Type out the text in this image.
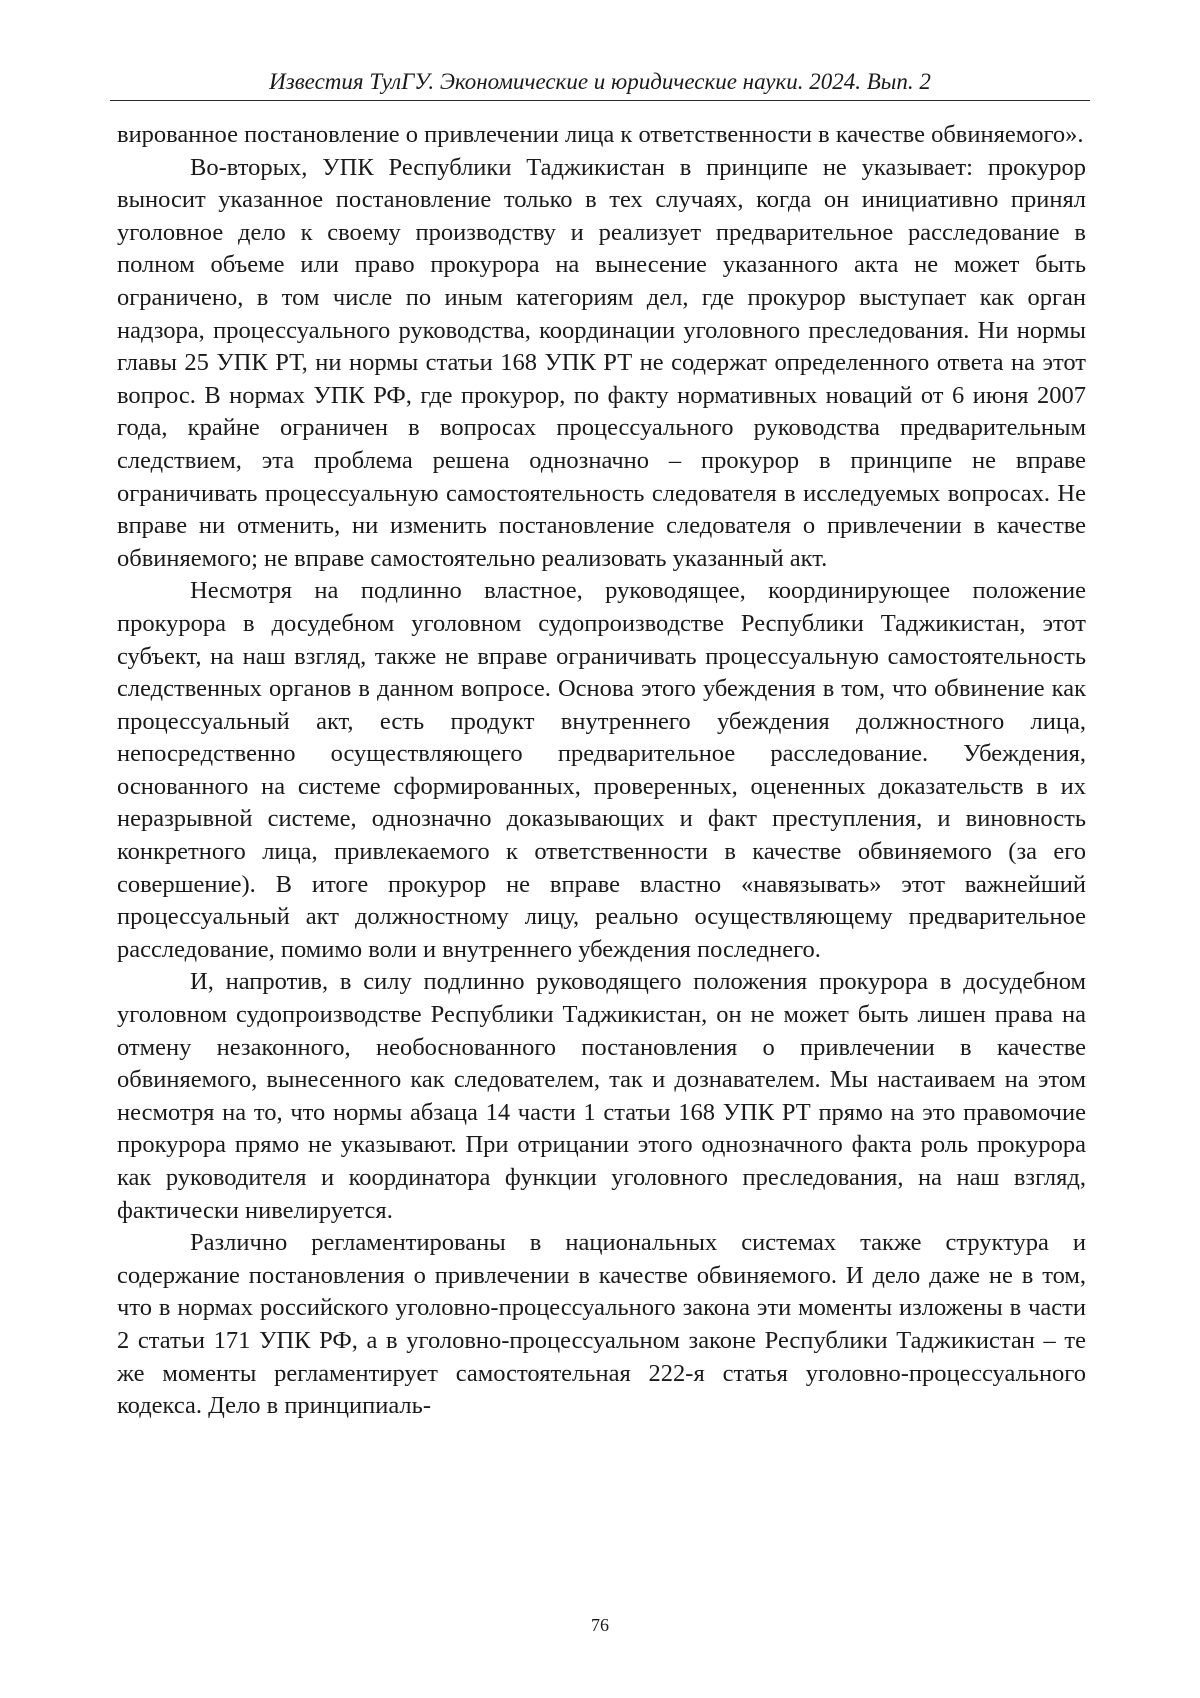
Известия ТулГУ. Экономические и юридические науки. 2024. Вып. 2

вированное постановление о привлечении лица к ответственности в качестве обвиняемого».

Во-вторых, УПК Республики Таджикистан в принципе не указывает: прокурор выносит указанное постановление только в тех случаях, когда он инициативно принял уголовное дело к своему производству и реализует предварительное расследование в полном объеме или право прокурора на вынесение указанного акта не может быть ограничено, в том числе по иным категориям дел, где прокурор выступает как орган надзора, процессуального руководства, координации уголовного преследования. Ни нормы главы 25 УПК РТ, ни нормы статьи 168 УПК РТ не содержат определенного ответа на этот вопрос. В нормах УПК РФ, где прокурор, по факту нормативных новаций от 6 июня 2007 года, крайне ограничен в вопросах процессуального руководства предварительным следствием, эта проблема решена однозначно – прокурор в принципе не вправе ограничивать процессуальную самостоятельность следователя в исследуемых вопросах. Не вправе ни отменить, ни изменить постановление следователя о привлечении в качестве обвиняемого; не вправе самостоятельно реализовать указанный акт.

Несмотря на подлинно властное, руководящее, координирующее положение прокурора в досудебном уголовном судопроизводстве Республики Таджикистан, этот субъект, на наш взгляд, также не вправе ограничивать процессуальную самостоятельность следственных органов в данном вопросе. Основа этого убеждения в том, что обвинение как процессуальный акт, есть продукт внутреннего убеждения должностного лица, непосредственно осуществляющего предварительное расследование. Убеждения, основанного на системе сформированных, проверенных, оцененных доказательств в их неразрывной системе, однозначно доказывающих и факт преступления, и виновность конкретного лица, привлекаемого к ответственности в качестве обвиняемого (за его совершение). В итоге прокурор не вправе властно «навязывать» этот важнейший процессуальный акт должностному лицу, реально осуществляющему предварительное расследование, помимо воли и внутреннего убеждения последнего.

И, напротив, в силу подлинно руководящего положения прокурора в досудебном уголовном судопроизводстве Республики Таджикистан, он не может быть лишен права на отмену незаконного, необоснованного постановления о привлечении в качестве обвиняемого, вынесенного как следователем, так и дознавателем. Мы настаиваем на этом несмотря на то, что нормы абзаца 14 части 1 статьи 168 УПК РТ прямо на это правомочие прокурора прямо не указывают. При отрицании этого однозначного факта роль прокурора как руководителя и координатора функции уголовного преследования, на наш взгляд, фактически нивелируется.

Различно регламентированы в национальных системах также структура и содержание постановления о привлечении в качестве обвиняемого. И дело даже не в том, что в нормах российского уголовно-процессуального закона эти моменты изложены в части 2 статьи 171 УПК РФ, а в уголовно-процессуальном законе Республики Таджикистан – те же моменты регламентирует самостоятельная 222-я статья уголовно-процессуального кодекса. Дело в принципиаль-

76
